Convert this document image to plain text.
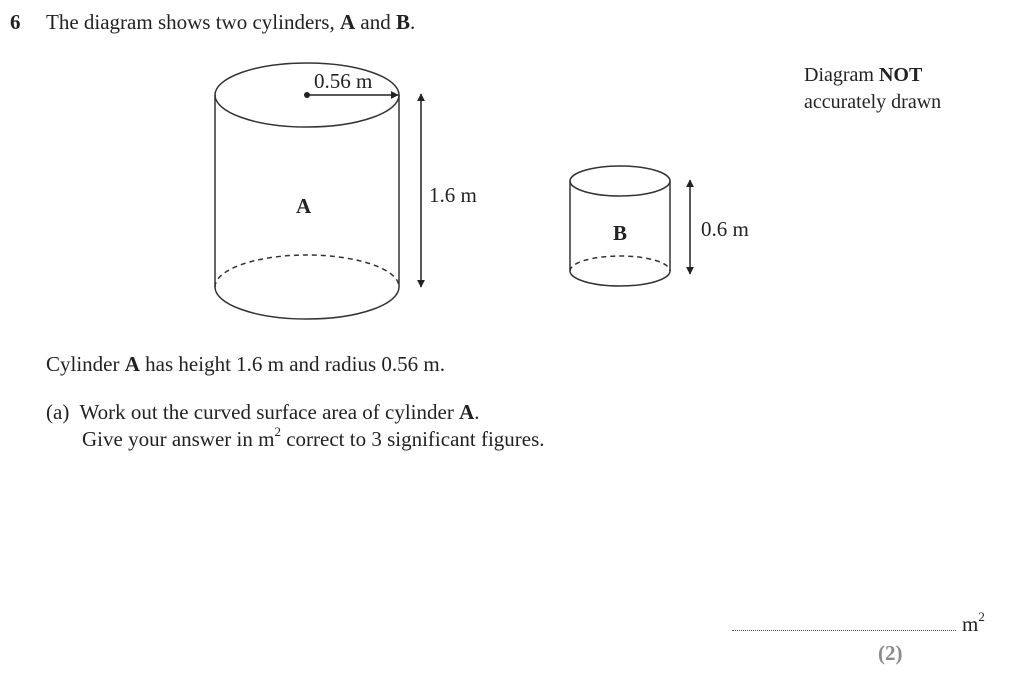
6 The diagram shows two cylinders, A and B.
Diagram NOT
accurately drawn
0.56 m
A	1.6 m
B	0.6 m
Cylinder A has height 1.6 m and radius 0.56 m.
(a) Work out the curved surface area of cylinder A.
Give your answer in $m^2$ correct to 3 significant figures.
$m^2$
(2)
